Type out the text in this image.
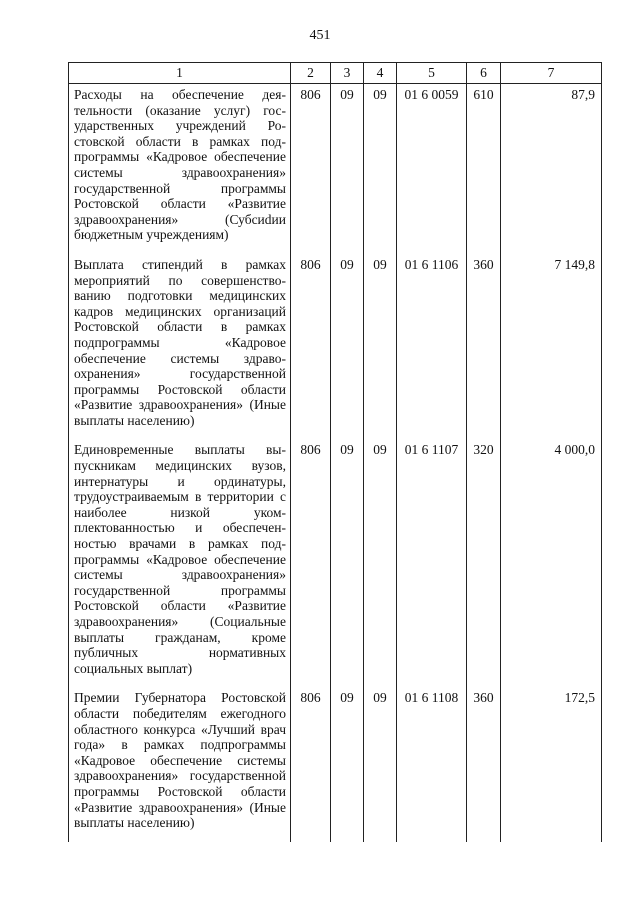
451
1	2	3	4	5	6	7
Расходы на обеспечение деятельности (оказание услуг) государственных учреждений Ростовской области в рамках подпрограммы «Кадровое обеспечение системы здравоохранения» государственной программы Ростовской области «Развитие здравоохранения» (Субсиdии бюджетным учреждениям)	806	09	09	01 6 0059	610	87,9
Выплата стипендий в рамках мероприятий по совершенствованию подготовки медицинских кадров медицинских организаций Ростовской области в рамках подпрограммы «Кадровое обеспечение системы здравоохранения» государственной программы Ростовской области «Развитие здравоохранения» (Иные выплаты населению)	806	09	09	01 6 1106	360	7 149,8
Единовременные выплаты выпускникам медицинских вузов, интернатуры и ординатуры, трудоустраиваемым в территории с наиболее низкой укомплектованностью и обеспеченностью врачами в рамках подпрограммы «Кадровое обеспечение системы здравоохранения» государственной программы Ростовской области «Развитие здравоохранения» (Социальные выплаты гражданам, кроме публичных нормативных социальных выплат)	806	09	09	01 6 1107	320	4 000,0
Премии Губернатора Ростовской области победителям ежегодного областного конкурса «Лучший врач года» в рамках подпрограммы «Кадровое обеспечение системы здравоохранения» государственной программы Ростовской области «Развитие здравоохранения» (Иные выплаты населению)	806	09	09	01 6 1108	360	172,5
